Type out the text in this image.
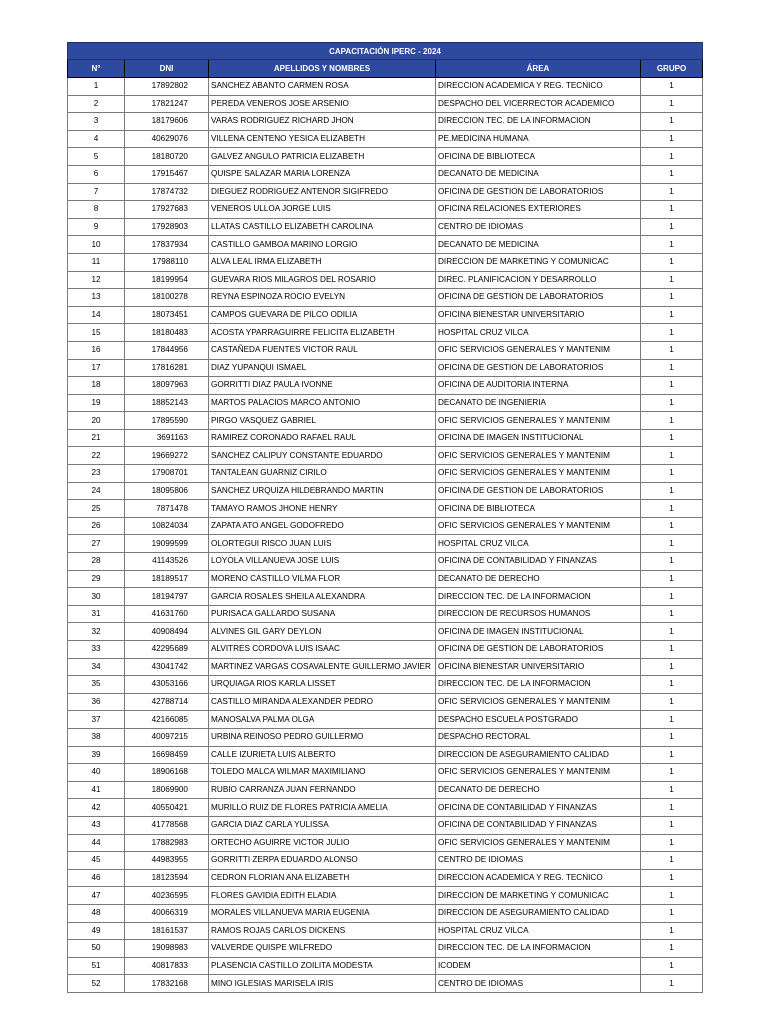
CAPACITACIÓN IPERC - 2024				
N°	DNI	APELLIDOS Y NOMBRES	ÁREA	GRUPO
1	17892802	SANCHEZ ABANTO CARMEN ROSA	DIRECCION ACADEMICA Y REG. TECNICO	1
2	17821247	PEREDA VENEROS JOSE ARSENIO	DESPACHO DEL VICERRECTOR ACADEMICO	1
3	18179606	VARAS RODRIGUEZ RICHARD JHON	DIRECCION TEC. DE LA INFORMACION	1
4	40629076	VILLENA CENTENO YESICA ELIZABETH	PE.MEDICINA HUMANA	1
5	18180720	GALVEZ ANGULO PATRICIA ELIZABETH	OFICINA DE BIBLIOTECA	1
6	17915467	QUISPE SALAZAR MARIA LORENZA	DECANATO DE MEDICINA	1
7	17874732	DIEGUEZ RODRIGUEZ ANTENOR SIGIFREDO	OFICINA DE GESTION DE LABORATORIOS	1
8	17927683	VENEROS ULLOA JORGE LUIS	OFICINA RELACIONES EXTERIORES	1
9	17928903	LLATAS CASTILLO ELIZABETH CAROLINA	CENTRO DE IDIOMAS	1
10	17837934	CASTILLO GAMBOA MARINO LORGIO	DECANATO DE MEDICINA	1
11	17988110	ALVA LEAL IRMA ELIZABETH	DIRECCION DE MARKETING Y COMUNICAC	1
12	18199954	GUEVARA RIOS MILAGROS DEL ROSARIO	DIREC. PLANIFICACION Y DESARROLLO	1
13	18100278	REYNA ESPINOZA ROCIO EVELYN	OFICINA DE GESTION DE LABORATORIOS	1
14	18073451	CAMPOS GUEVARA DE PILCO ODILIA	OFICINA BIENESTAR UNIVERSITARIO	1
15	18180483	ACOSTA YPARRAGUIRRE FELICITA ELIZABETH	HOSPITAL CRUZ VILCA	1
16	17844956	CASTAÑEDA FUENTES VICTOR RAUL	OFIC SERVICIOS GENERALES Y MANTENIM	1
17	17816281	DIAZ YUPANQUI ISMAEL	OFICINA DE GESTION DE LABORATORIOS	1
18	18097963	GORRITTI DIAZ PAULA IVONNE	OFICINA DE AUDITORIA INTERNA	1
19	18852143	MARTOS PALACIOS MARCO ANTONIO	DECANATO DE INGENIERIA	1
20	17895590	PIRGO VASQUEZ GABRIEL	OFIC SERVICIOS GENERALES Y MANTENIM	1
21	3691163	RAMIREZ CORONADO RAFAEL RAUL	OFICINA DE IMAGEN INSTITUCIONAL	1
22	19669272	SANCHEZ CALIPUY CONSTANTE EDUARDO	OFIC SERVICIOS GENERALES Y MANTENIM	1
23	17908701	TANTALEAN GUARNIZ CIRILO	OFIC SERVICIOS GENERALES Y MANTENIM	1
24	18095806	SANCHEZ URQUIZA HILDEBRANDO MARTIN	OFICINA DE GESTION DE LABORATORIOS	1
25	7871478	TAMAYO RAMOS JHONE HENRY	OFICINA DE BIBLIOTECA	1
26	10824034	ZAPATA ATO ANGEL GODOFREDO	OFIC SERVICIOS GENERALES Y MANTENIM	1
27	19099599	OLORTEGUI RISCO JUAN LUIS	HOSPITAL CRUZ VILCA	1
28	41143526	LOYOLA VILLANUEVA JOSE LUIS	OFICINA DE CONTABILIDAD Y FINANZAS	1
29	18189517	MORENO CASTILLO VILMA FLOR	DECANATO DE DERECHO	1
30	18194797	GARCIA ROSALES SHEILA ALEXANDRA	DIRECCION TEC. DE LA INFORMACION	1
31	41631760	PURISACA GALLARDO SUSANA	DIRECCION DE RECURSOS HUMANOS	1
32	40908494	ALVINES GIL GARY DEYLON	OFICINA DE IMAGEN INSTITUCIONAL	1
33	42295689	ALVITRES CORDOVA LUIS ISAAC	OFICINA DE GESTION DE LABORATORIOS	1
34	43041742	MARTINEZ VARGAS COSAVALENTE GUILLERMO JAVIER	OFICINA BIENESTAR UNIVERSITARIO	1
35	43053166	URQUIAGA RIOS KARLA LISSET	DIRECCION TEC. DE LA INFORMACION	1
36	42788714	CASTILLO MIRANDA ALEXANDER PEDRO	OFIC SERVICIOS GENERALES Y MANTENIM	1
37	42166085	MANOSALVA PALMA OLGA	DESPACHO ESCUELA POSTGRADO	1
38	40097215	URBINA REINOSO PEDRO GUILLERMO	DESPACHO RECTORAL	1
39	16698459	CALLE IZURIETA LUIS ALBERTO	DIRECCION DE ASEGURAMIENTO CALIDAD	1
40	18906168	TOLEDO MALCA WILMAR MAXIMILIANO	OFIC SERVICIOS GENERALES Y MANTENIM	1
41	18069900	RUBIO CARRANZA JUAN FERNANDO	DECANATO DE DERECHO	1
42	40550421	MURILLO RUIZ DE FLORES PATRICIA AMELIA	OFICINA DE CONTABILIDAD Y FINANZAS	1
43	41778568	GARCIA DIAZ CARLA YULISSA	OFICINA DE CONTABILIDAD Y FINANZAS	1
44	17882983	ORTECHO AGUIRRE VICTOR JULIO	OFIC SERVICIOS GENERALES Y MANTENIM	1
45	44983955	GORRITTI ZERPA EDUARDO ALONSO	CENTRO DE IDIOMAS	1
46	18123594	CEDRON FLORIAN ANA ELIZABETH	DIRECCION ACADEMICA Y REG. TECNICO	1
47	40236595	FLORES GAVIDIA EDITH ELADIA	DIRECCION DE MARKETING Y COMUNICAC	1
48	40066319	MORALES VILLANUEVA MARIA EUGENIA	DIRECCION DE ASEGURAMIENTO CALIDAD	1
49	18161537	RAMOS ROJAS CARLOS DICKENS	HOSPITAL CRUZ VILCA	1
50	19098983	VALVERDE QUISPE WILFREDO	DIRECCION TEC. DE LA INFORMACION	1
51	40817833	PLASENCIA CASTILLO ZOILITA MODESTA	ICODEM	1
52	17832168	MINO IGLESIAS MARISELA IRIS	CENTRO DE IDIOMAS	1
